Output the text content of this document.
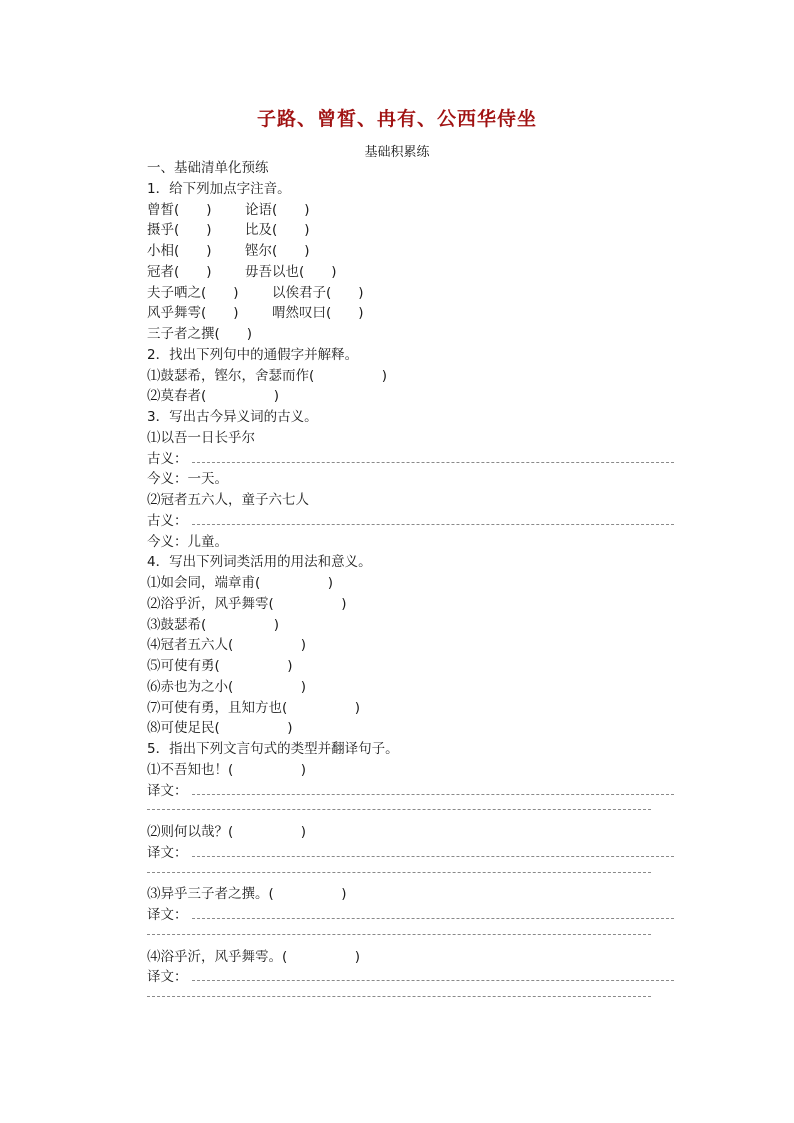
子路、曾皙、冉有、公西华侍坐
基础积累练
一、基础清单化预练
1．给下列加点字注音。
曾皙(　　) 论语(　　)
摄乎(　　) 比及(　　)
小相(　　) 铿尔(　　)
冠者(　　) 毋吾以也(　　)
夫子哂之(　　) 以俟君子(　　)
风乎舞雩(　　) 喟然叹曰(　　)
三子者之撰(　　)
2．找出下列句中的通假字并解释。
⑴鼓瑟希，铿尔，舍瑟而作(　　　　　)
⑵莫春者(　　　　　)
3．写出古今异义词的古义。
⑴以吾一日长乎尔
古义：
今义：一天。
⑵冠者五六人，童子六七人
古义：
今义：儿童。
4．写出下列词类活用的用法和意义。
⑴如会同，端章甫(　　　　　)
⑵浴乎沂，风乎舞雩(　　　　　)
⑶鼓瑟希(　　　　　)
⑷冠者五六人(　　　　　)
⑸可使有勇(　　　　　)
⑹赤也为之小(　　　　　)
⑺可使有勇，且知方也(　　　　　)
⑻可使足民(　　　　　)
5．指出下列文言句式的类型并翻译句子。
⑴不吾知也！(　　　　　)
译文：
⑵则何以哉？(　　　　　)
译文：
⑶异乎三子者之撰。(　　　　　)
译文：
⑷浴乎沂，风乎舞雩。(　　　　　)
译文：
